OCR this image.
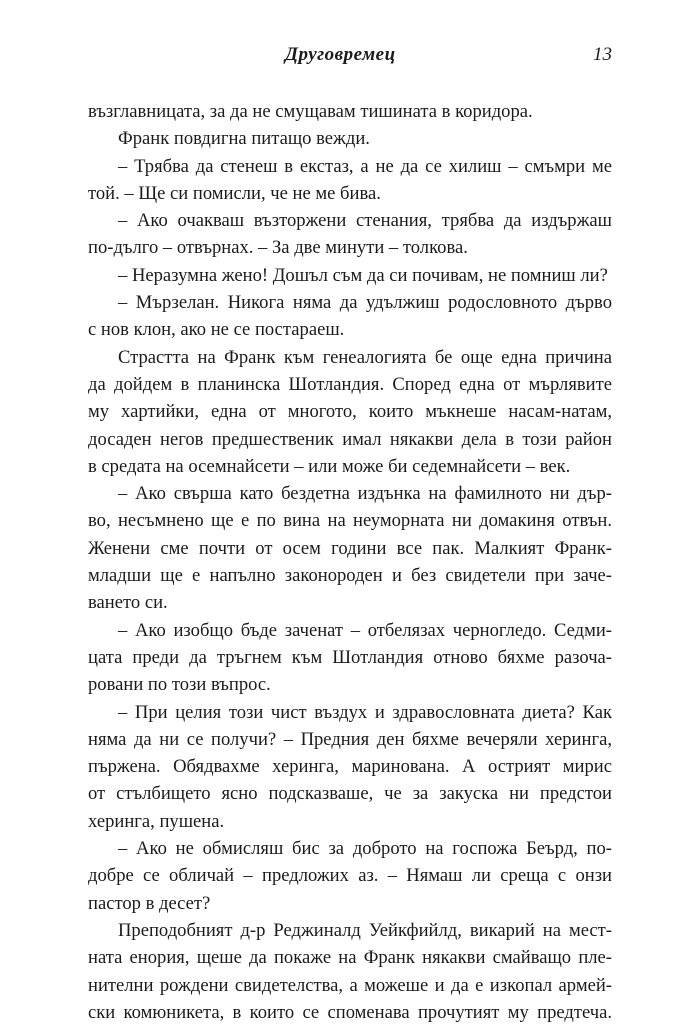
Друговремец	13
възглавницата, за да не смущавам тишината в коридора.
Франк повдигна питащо вежди.
– Трябва да стенеш в екстаз, а не да се хилиш – смъмри ме
той. – Ще си помисли, че не ме бива.
– Ако очакваш възторжени стенания, трябва да издържаш
по-дълго – отвърнах. – За две минути – толкова.
– Неразумна жено! Дошъл съм да си почивам, не помниш ли?
– Мързелан. Никога няма да удължиш родословното дърво
с нов клон, ако не се постараеш.
Страстта на Франк към генеалогията бе още една причина
да дойдем в планинска Шотландия. Според една от мърлявите
му хартийки, една от многото, които мъкнеше насам-натам,
досаден негов предшественик имал някакви дела в този район
в средата на осемнайсети – или може би седемнайсети – век.
– Ако свърша като бездетна издънка на фамилното ни дър-
во, несъмнено ще е по вина на неуморната ни домакиня отвън.
Женени сме почти от осем години все пак. Малкият Франк-
младши ще е напълно законороден и без свидетели при заче-
ването си.
– Ако изобщо бъде заченат – отбелязах черногледо. Седми-
цата преди да тръгнем към Шотландия отново бяхме разоча-
ровани по този въпрос.
– При целия този чист въздух и здравословната диета? Как
няма да ни се получи? – Предния ден бяхме вечеряли херинга,
пържена. Обядвахме херинга, маринована. А острият мирис
от стълбището ясно подсказваше, че за закуска ни предстои
херинга, пушена.
– Ако не обмисляш бис за доброто на госпожа Беърд, по-
добре се обличай – предложих аз. – Нямаш ли среща с онзи
пастор в десет?
Преподобният д-р Реджиналд Уейкфийлд, викарий на мест-
ната енория, щеше да покаже на Франк някакви смайващо пле-
нителни рождени свидетелства, а можеше и да е изкопал армей-
ски комюникета, в които се споменава прочутият му предтеча.
